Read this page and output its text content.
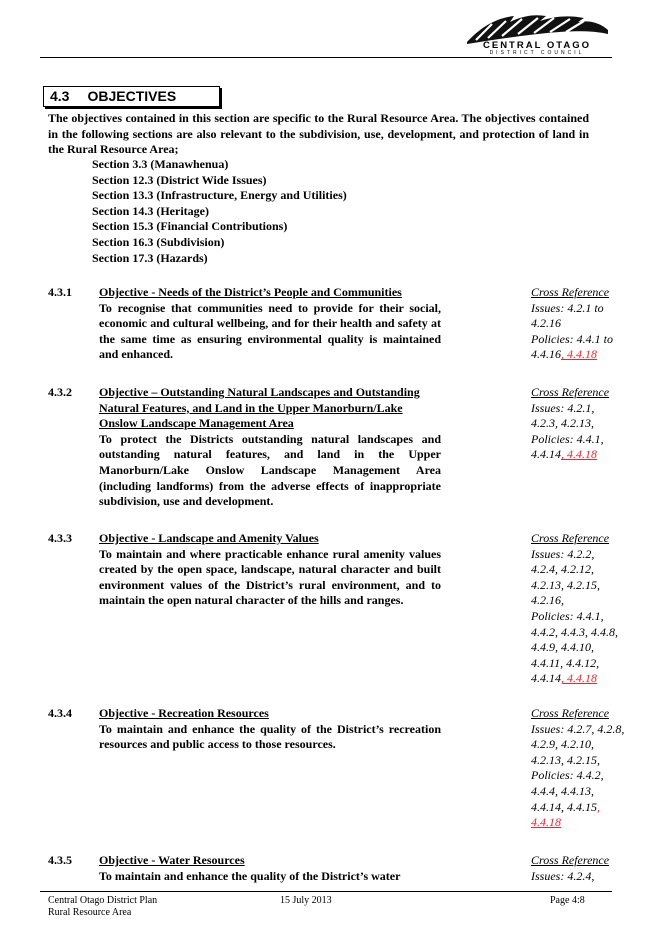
CENTRAL OTAGO
DISTRICT COUNCIL
4.3 OBJECTIVES

The objectives contained in this section are specific to the Rural Resource Area. The objectives contained in the following sections are also relevant to the subdivision, use, development, and protection of land in the Rural Resource Area;

Section 3.3 (Manawhenua)
Section 12.3 (District Wide Issues)
Section 13.3 (Infrastructure, Energy and Utilities)
Section 14.3 (Heritage)
Section 15.3 (Financial Contributions)
Section 16.3 (Subdivision)
Section 17.3 (Hazards)
4.3.1 Objective - Needs of the District’s People and Communities
To recognise that communities need to provide for their social, economic and cultural wellbeing, and for their health and safety at the same time as ensuring environmental quality is maintained and enhanced.
Cross Reference
Issues: 4.2.1 to
4.2.16
Policies: 4.4.1 to
4.4.16, 4.4.18
4.3.2 Objective – Outstanding Natural Landscapes and Outstanding Natural Features, and Land in the Upper Manorburn/Lake Onslow Landscape Management Area
To protect the Districts outstanding natural landscapes and outstanding natural features, and land in the Upper Manorburn/Lake Onslow Landscape Management Area (including landforms) from the adverse effects of inappropriate subdivision, use and development.
Cross Reference
Issues: 4.2.1,
4.2.3, 4.2.13,
Policies: 4.4.1,
4.4.14, 4.4.18
4.3.3 Objective - Landscape and Amenity Values
To maintain and where practicable enhance rural amenity values created by the open space, landscape, natural character and built environment values of the District’s rural environment, and to maintain the open natural character of the hills and ranges.
Cross Reference
Issues: 4.2.2,
4.2.4, 4.2.12,
4.2.13, 4.2.15,
4.2.16,
Policies: 4.4.1,
4.4.2, 4.4.3, 4.4.8,
4.4.9, 4.4.10,
4.4.11, 4.4.12,
4.4.14, 4.4.18
4.3.4 Objective - Recreation Resources
To maintain and enhance the quality of the District’s recreation resources and public access to those resources.
Cross Reference
Issues: 4.2.7, 4.2.8,
4.2.9, 4.2.10,
4.2.13, 4.2.15,
Policies: 4.4.2,
4.4.4, 4.4.13,
4.4.14, 4.4.15,
4.4.18
4.3.5 Objective - Water Resources
To maintain and enhance the quality of the District’s water
Cross Reference
Issues: 4.2.4,
Central Otago District Plan
Rural Resource Area
15 July 2013	Page 4:8
